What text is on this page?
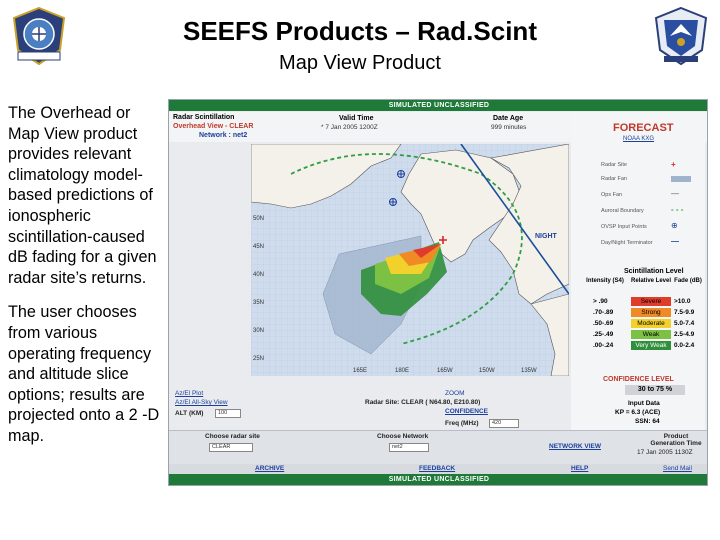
SEEFS Products – Rad.Scint
Map View Product

The Overhead or Map View product provides relevant climatology model-based predictions of ionospheric scintillation-caused dB fading for a given radar site’s returns.

The user chooses from various operating frequency and altitude slice options; results are projected onto a 2 -D map.

SIMULATED UNCLASSIFIED
Radar Scintillation
Overhead View - CLEAR
Network : net2
Valid Time
* 7 Jan 2005 1200Z
Date Age
999 minutes
NIGHT
50N
45N
40N
35N
30N
25N
165E	180E	165W	150W	135W
FORECAST
NOAA KXG
Radar Site	+
Radar Fan
Ops Fan	—
Auroral Boundary	- - -
OVSP Input Points	⊕
Day/Night Terminator —
Scintillation Level
Intensity (S4)	Relative Level Fade (dB)
> .90	Severe	>10.0
.70-.89	Strong	7.5-9.9
.50-.69	Moderate	5.0-7.4
.25-.49	Weak	2.5-4.9
.00-.24	Very Weak	0.0-2.4
CONFIDENCE LEVEL
30 to 75 %
Input Data
KP = 6.3 (ACE)
SSN: 64
Az/El Plot
Az/El All-Sky View
ALT (KM)	100
ZOOM
Radar Site: CLEAR ( N64.80, E210.80)
CONFIDENCE
Freq (MHz)	420
Choose radar site
CLEAR
Choose Network
net2	NETWORK VIEW
Product Generation Time
17 Jan 2005 1130Z
ARCHIVE	FEEDBACK	HELP	Send Mail
SIMULATED UNCLASSIFIED
